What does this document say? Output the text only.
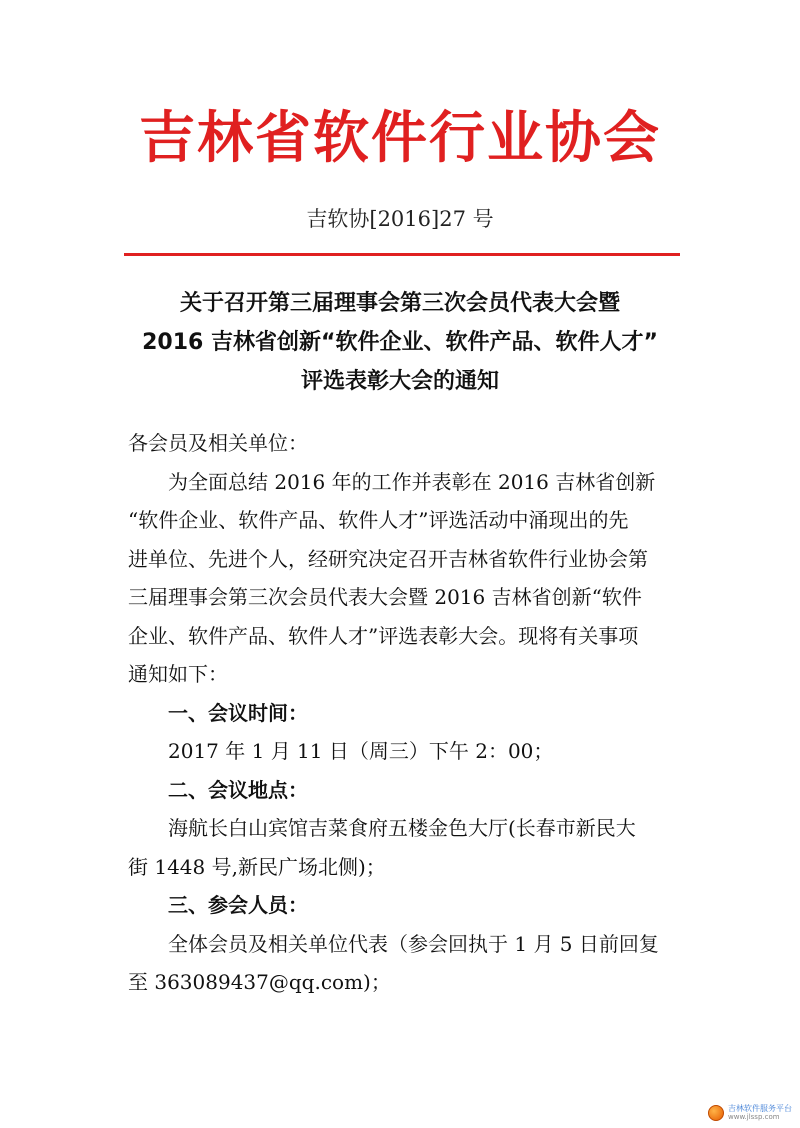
吉林省软件行业协会
吉软协[2016]27 号
关于召开第三届理事会第三次会员代表大会暨
2016 吉林省创新“软件企业、软件产品、软件人才”
评选表彰大会的通知
各会员及相关单位：
为全面总结 2016 年的工作并表彰在 2016 吉林省创新
“软件企业、软件产品、软件人才”评选活动中涌现出的先
进单位、先进个人，经研究决定召开吉林省软件行业协会第
三届理事会第三次会员代表大会暨 2016 吉林省创新“软件
企业、软件产品、软件人才”评选表彰大会。现将有关事项
通知如下：
一、会议时间：
2017 年 1 月 11 日（周三）下午 2：00；
二、会议地点：
海航长白山宾馆吉菜食府五楼金色大厅(长春市新民大
街 1448 号,新民广场北侧)；
三、参会人员：
全体会员及相关单位代表（参会回执于 1 月 5 日前回复
至 363089437@qq.com)；
吉林软件服务平台
www.jlssp.com
